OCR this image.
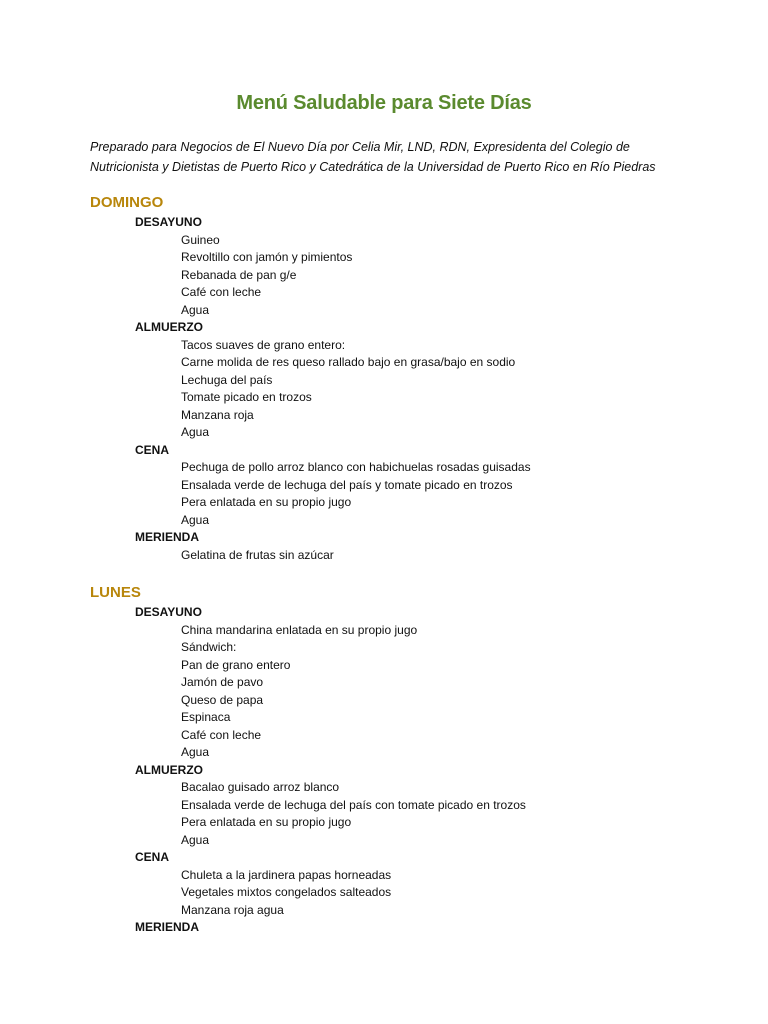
Menú Saludable para Siete Días
Preparado para Negocios de El Nuevo Día por Celia Mir, LND, RDN, Expresidenta del Colegio de
Nutricionista y Dietistas de Puerto Rico y Catedrática de la Universidad de Puerto Rico en Río Piedras
DOMINGO
DESAYUNO
Guineo
Revoltillo con jamón y pimientos
Rebanada de pan g/e
Café con leche
Agua
ALMUERZO
Tacos suaves de grano entero:
Carne molida de res queso rallado bajo en grasa/bajo en sodio
Lechuga del país
Tomate picado en trozos
Manzana roja
Agua
CENA
Pechuga de pollo arroz blanco con habichuelas rosadas guisadas
Ensalada verde de lechuga del país y tomate picado en trozos
Pera enlatada en su propio jugo
Agua
MERIENDA
Gelatina de frutas sin azúcar
LUNES
DESAYUNO
China mandarina enlatada en su propio jugo
Sándwich:
Pan de grano entero
Jamón de pavo
Queso de papa
Espinaca
Café con leche
Agua
ALMUERZO
Bacalao guisado arroz blanco
Ensalada verde de lechuga del país con tomate picado en trozos
Pera enlatada en su propio jugo
Agua
CENA
Chuleta a la jardinera papas horneadas
Vegetales mixtos congelados salteados
Manzana roja agua
MERIENDA
